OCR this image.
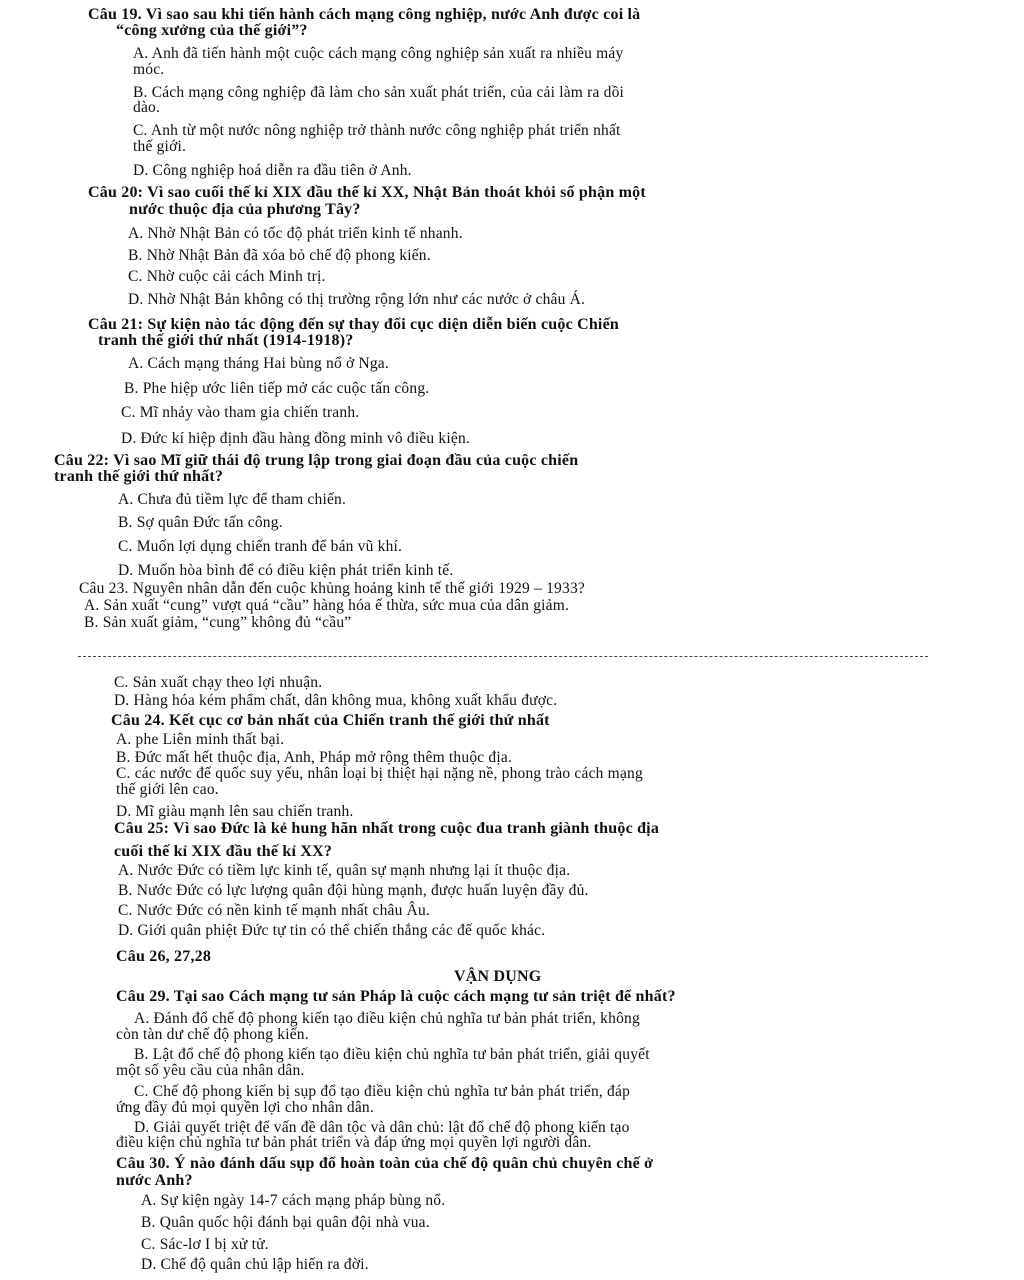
Câu 19. Vì sao sau khi tiến hành cách mạng công nghiệp, nước Anh được coi là
“công xưởng của thế giới”?
A. Anh đã tiến hành một cuộc cách mạng công nghiệp sản xuất ra nhiều máy
móc.
B. Cách mạng công nghiệp đã làm cho sản xuất phát triển, của cải làm ra dồi
dào.
C. Anh từ một nước nông nghiệp trở thành nước công nghiệp phát triển nhất
thế giới.
D. Công nghiệp hoá diễn ra đầu tiên ở Anh.
Câu 20: Vì sao cuối thế kỉ XIX đầu thế kỉ XX, Nhật Bản thoát khỏi số phận một
nước thuộc địa của phương Tây?
A. Nhờ Nhật Bản có tốc độ phát triển kinh tế nhanh.
B. Nhờ Nhật Bản đã xóa bỏ chế độ phong kiến.
C. Nhờ cuộc cải cách Minh trị.
D. Nhờ Nhật Bản không có thị trường rộng lớn như các nước ở châu Á.
Câu 21: Sự kiện nào tác động đến sự thay đổi cục diện diễn biến cuộc Chiến
tranh thế giới thứ nhất (1914-1918)?
A. Cách mạng tháng Hai bùng nổ ở Nga.
B. Phe hiệp ước liên tiếp mở các cuộc tấn công.
C. Mĩ nhảy vào tham gia chiến tranh.
D. Đức kí hiệp định đầu hàng đồng minh vô điều kiện.
Câu 22: Vì sao Mĩ giữ thái độ trung lập trong giai đoạn đầu của cuộc chiến
tranh thế giới thứ nhất?
A. Chưa đủ tiềm lực để tham chiến.
B. Sợ quân Đức tấn công.
C. Muốn lợi dụng chiến tranh để bán vũ khí.
D. Muốn hòa bình để có điều kiện phát triển kinh tế.
Câu 23. Nguyên nhân dẫn đến cuộc khủng hoảng kinh tế thế giới 1929 – 1933?
A. Sản xuất “cung” vượt quá “cầu” hàng hóa ế thừa, sức mua của dân giảm.
B. Sản xuất giảm, “cung” không đủ “cầu”
C. Sản xuất chạy theo lợi nhuận.
D. Hàng hóa kém phẩm chất, dân không mua, không xuất khẩu được.
Câu 24. Kết cục cơ bản nhất của Chiến tranh thế giới thứ nhất
A. phe Liên minh thất bại.
B. Đức mất hết thuộc địa, Anh, Pháp mở rộng thêm thuộc địa.
C. các nước đế quốc suy yếu, nhân loại bị thiệt hại nặng nề, phong trào cách mạng
thế giới lên cao.
D. Mĩ giàu mạnh lên sau chiến tranh.
Câu 25: Vì sao Đức là kẻ hung hãn nhất trong cuộc đua tranh giành thuộc địa
cuối thế kỉ XIX đầu thế kỉ XX?
A. Nước Đức có tiềm lực kinh tế, quân sự mạnh nhưng lại ít thuộc địa.
B. Nước Đức có lực lượng quân đội hùng mạnh, được huấn luyện đầy đủ.
C. Nước Đức có nền kinh tế mạnh nhất châu Âu.
D. Giới quân phiệt Đức tự tin có thể chiến thắng các đế quốc khác.
Câu 26, 27,28
VẬN DỤNG
Câu 29. Tại sao Cách mạng tư sản Pháp là cuộc cách mạng tư sản triệt để nhất?
A. Đánh đổ chế độ phong kiến tạo điều kiện chủ nghĩa tư bản phát triển, không
còn tàn dư chế độ phong kiến.
B. Lật đổ chế độ phong kiến tạo điều kiện chủ nghĩa tư bản phát triển, giải quyết
một số yêu cầu của nhân dân.
C. Chế độ phong kiến bị sụp đổ tạo điều kiện chủ nghĩa tư bản phát triển, đáp
ứng đầy đủ mọi quyền lợi cho nhân dân.
D. Giải quyết triệt để vấn đề dân tộc và dân chủ: lật đổ chế độ phong kiến tạo
điều kiện chủ nghĩa tư bản phát triển và đáp ứng mọi quyền lợi người dân.
Câu 30. Ý nào đánh dấu sụp đổ hoàn toàn của chế độ quân chủ chuyên chế ở
nước Anh?
A. Sự kiện ngày 14-7 cách mạng pháp bùng nổ.
B. Quân quốc hội đánh bại quân đội nhà vua.
C. Sác-lơ I bị xử tử.
D. Chế độ quân chủ lập hiến ra đời.
